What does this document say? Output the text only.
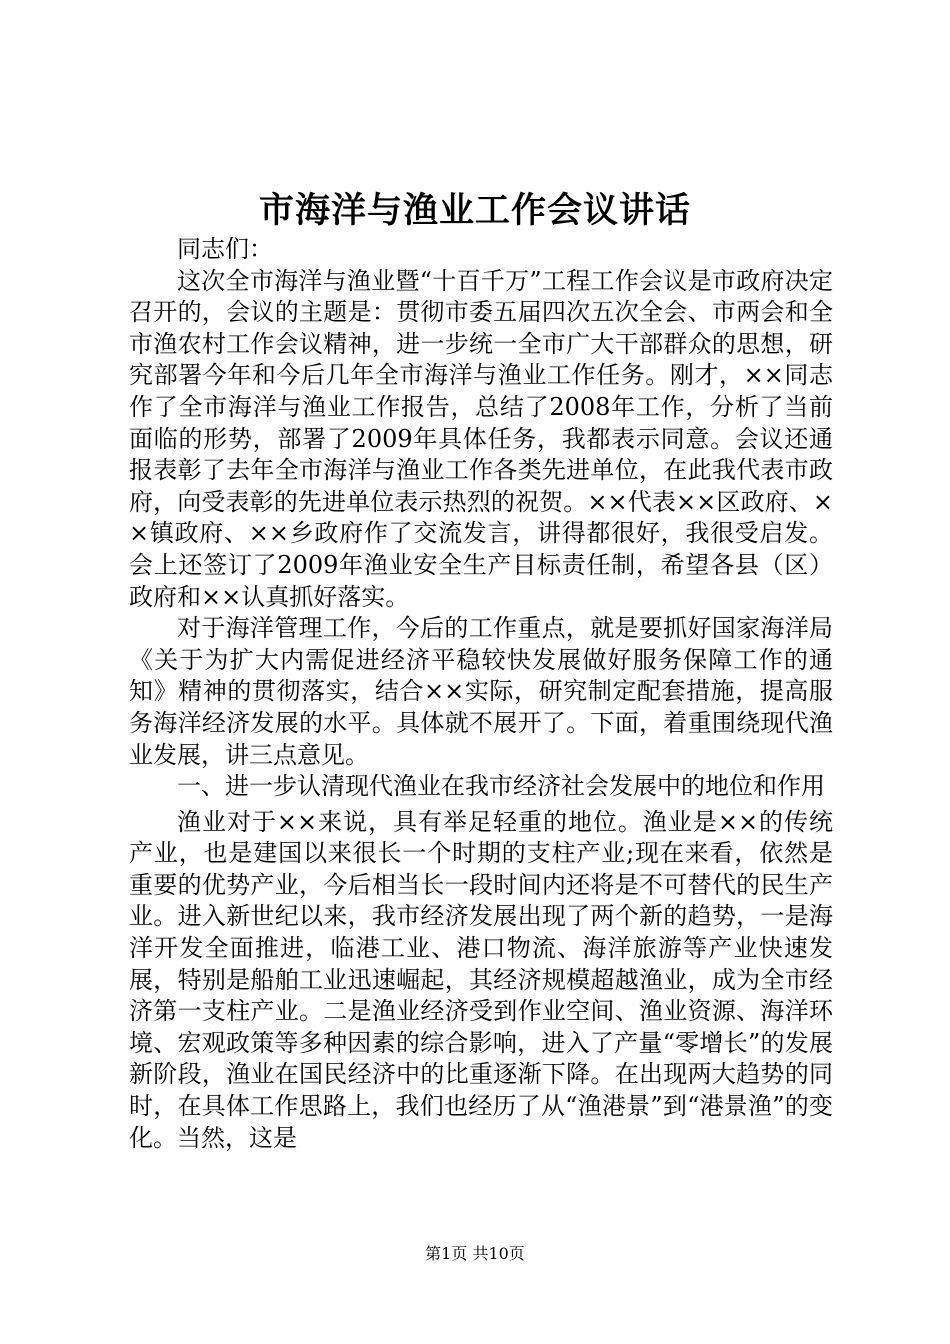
市海洋与渔业工作会议讲话

同志们：

这次全市海洋与渔业暨“十百千万”工程工作会议是市政府决定召开的，会议的主题是：贯彻市委五届四次五次全会、市两会和全市渔农村工作会议精神，进一步统一全市广大干部群众的思想，研究部署今年和今后几年全市海洋与渔业工作任务。刚才，××同志作了全市海洋与渔业工作报告，总结了2008年工作，分析了当前面临的形势，部署了2009年具体任务，我都表示同意。会议还通报表彰了去年全市海洋与渔业工作各类先进单位，在此我代表市政府，向受表彰的先进单位表示热烈的祝贺。××代表××区政府、××镇政府、××乡政府作了交流发言，讲得都很好，我很受启发。会上还签订了2009年渔业安全生产目标责任制，希望各县（区）政府和××认真抓好落实。

对于海洋管理工作，今后的工作重点，就是要抓好国家海洋局《关于为扩大内需促进经济平稳较快发展做好服务保障工作的通知》精神的贯彻落实，结合××实际，研究制定配套措施，提高服务海洋经济发展的水平。具体就不展开了。下面，着重围绕现代渔业发展，讲三点意见。

一、进一步认清现代渔业在我市经济社会发展中的地位和作用

渔业对于××来说，具有举足轻重的地位。渔业是××的传统产业，也是建国以来很长一个时期的支柱产业;现在来看，依然是重要的优势产业，今后相当长一段时间内还将是不可替代的民生产业。进入新世纪以来，我市经济发展出现了两个新的趋势，一是海洋开发全面推进，临港工业、港口物流、海洋旅游等产业快速发展，特别是船舶工业迅速崛起，其经济规模超越渔业，成为全市经济第一支柱产业。二是渔业经济受到作业空间、渔业资源、海洋环境、宏观政策等多种因素的综合影响，进入了产量“零增长”的发展新阶段，渔业在国民经济中的比重逐渐下降。在出现两大趋势的同时，在具体工作思路上，我们也经历了从“渔港景”到“港景渔”的变化。当然，这是

第1页 共10页
